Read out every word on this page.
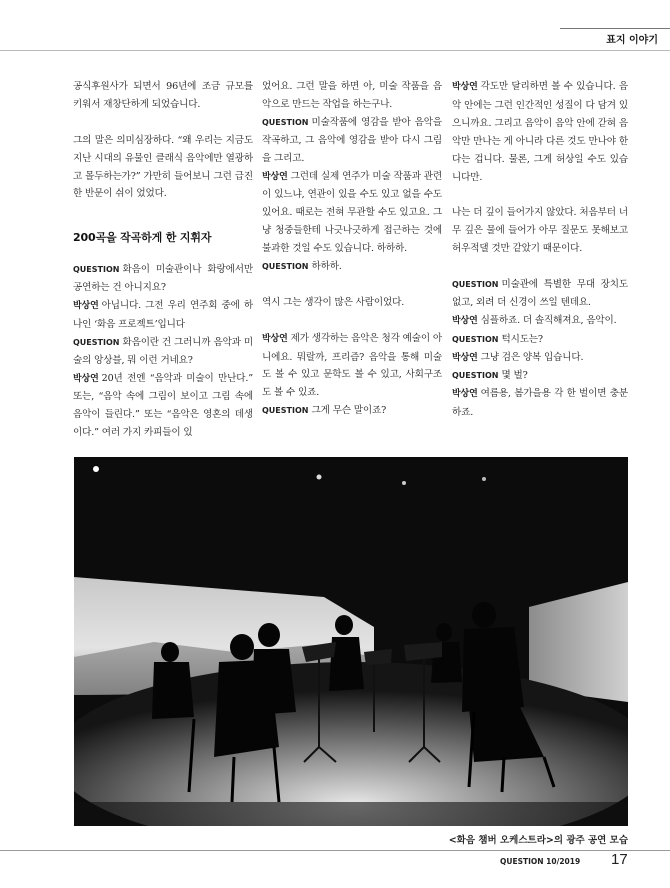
표지 이야기

공식후원사가 되면서 96년에 조금 규모를 키워서 재창단하게 되었습니다.

그의 말은 의미심장하다. “왜 우리는 지금도 지난 시대의 유물인 클래식 음악에만 열광하고 몰두하는가?” 가만히 들어보니 그런 급진한 반문이 쉬이 었었다.

200곡을 작곡하게 한 지휘자

QUESTION 화음이 미술관이나 화랑에서만 공연하는 건 아니지요?

박상연 아닙니다. 그전 우리 연주회 중에 하나인 ‘화음 프로젝트’입니다

QUESTION 화음이란 건 그러니까 음악과 미술의 앙상블, 뭐 이런 거네요?

박상연 20년 전엔 “음악과 미술이 만난다.” 또는, “음악 속에 그림이 보이고 그림 속에 음악이 들린다.” 또는 “음악은 영혼의 데생이다.” 여러 가지 카피들이 있

었어요. 그런 말을 하면 아, 미술 작품을 음악으로 만드는 작업을 하는구나.

QUESTION 미술작품에 영감을 받아 음악을 작곡하고, 그 음악에 영감을 받아 다시 그림을 그리고.

박상연 그런데 실제 연주가 미술 작품과 관련이 있느냐, 연관이 있을 수도 있고 없을 수도 있어요. 때로는 전혀 무관할 수도 있고요. 그냥 청중들한테 나긋나긋하게 접근하는 것에 불과한 것일 수도 있습니다. 하하하.

QUESTION 하하하.

역시 그는 생각이 많은 사람이었다.

박상연 제가 생각하는 음악은 청각 예술이 아니에요. 뭐랄까, 프리즘? 음악을 통해 미술도 볼 수 있고 문학도 볼 수 있고, 사회구조도 볼 수 있죠.

QUESTION 그게 무슨 말이죠?

박상연 각도만 달리하면 볼 수 있습니다. 음악 안에는 그런 인간적인 성질이 다 담겨 있으니까요. 그리고 음악이 음악 안에 갇혀 음악만 만나는 게 아니라 다른 것도 만나야 한다는 겁니다. 물론, 그게 허상일 수도 있습니다만.

나는 더 깊이 들어가지 않았다. 처음부터 너무 깊은 물에 들어가 아무 질문도 못해보고 허우적댈 것만 같았기 때문이다.

QUESTION 미술관에 특별한 무대 장치도 없고, 외려 더 신경이 쓰일 텐데요.

박상연 심플하죠. 더 솔직해져요, 음악이.

QUESTION 턱시도는?

박상연 그냥 검은 양복 입습니다.

QUESTION 몇 벌?

박상연 여름용, 봄가을용 각 한 벌이면 충분하죠.

<화음 챔버 오케스트라>의 광주 공연 모습
QUESTION 10/2019 17
